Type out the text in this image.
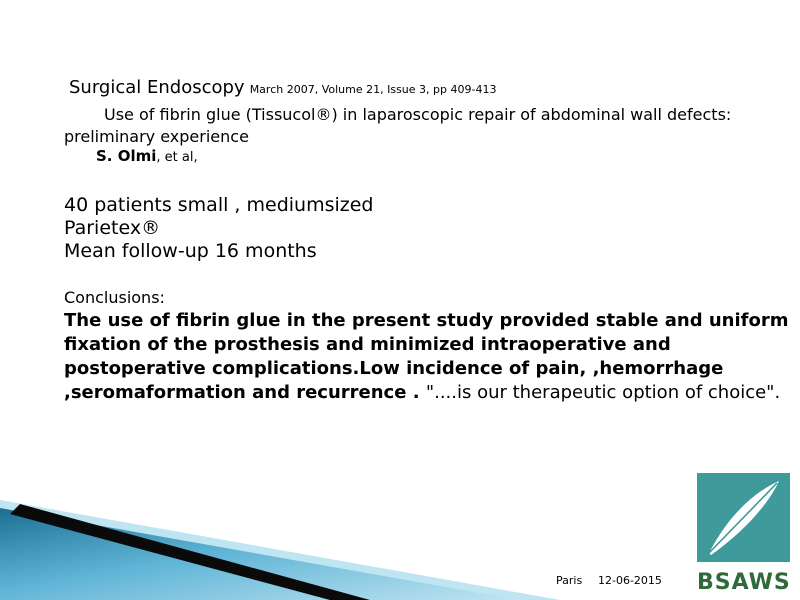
Surgical Endoscopy March 2007, Volume 21, Issue 3, pp 409-413
Use of fibrin glue (Tissucol®) in laparoscopic repair of abdominal wall defects: preliminary experience
S. Olmi, et al,
40 patients small , mediumsized
Parietex®
Mean follow-up 16 months
Conclusions:
The use of fibrin glue in the present study provided stable and uniform fixation of the prosthesis and minimized intraoperative and postoperative complications.Low incidence of pain, ,hemorrhage ,seromaformation and recurrence . "....is our therapeutic option of choice".
Paris 12-06-2015 BSAWS
